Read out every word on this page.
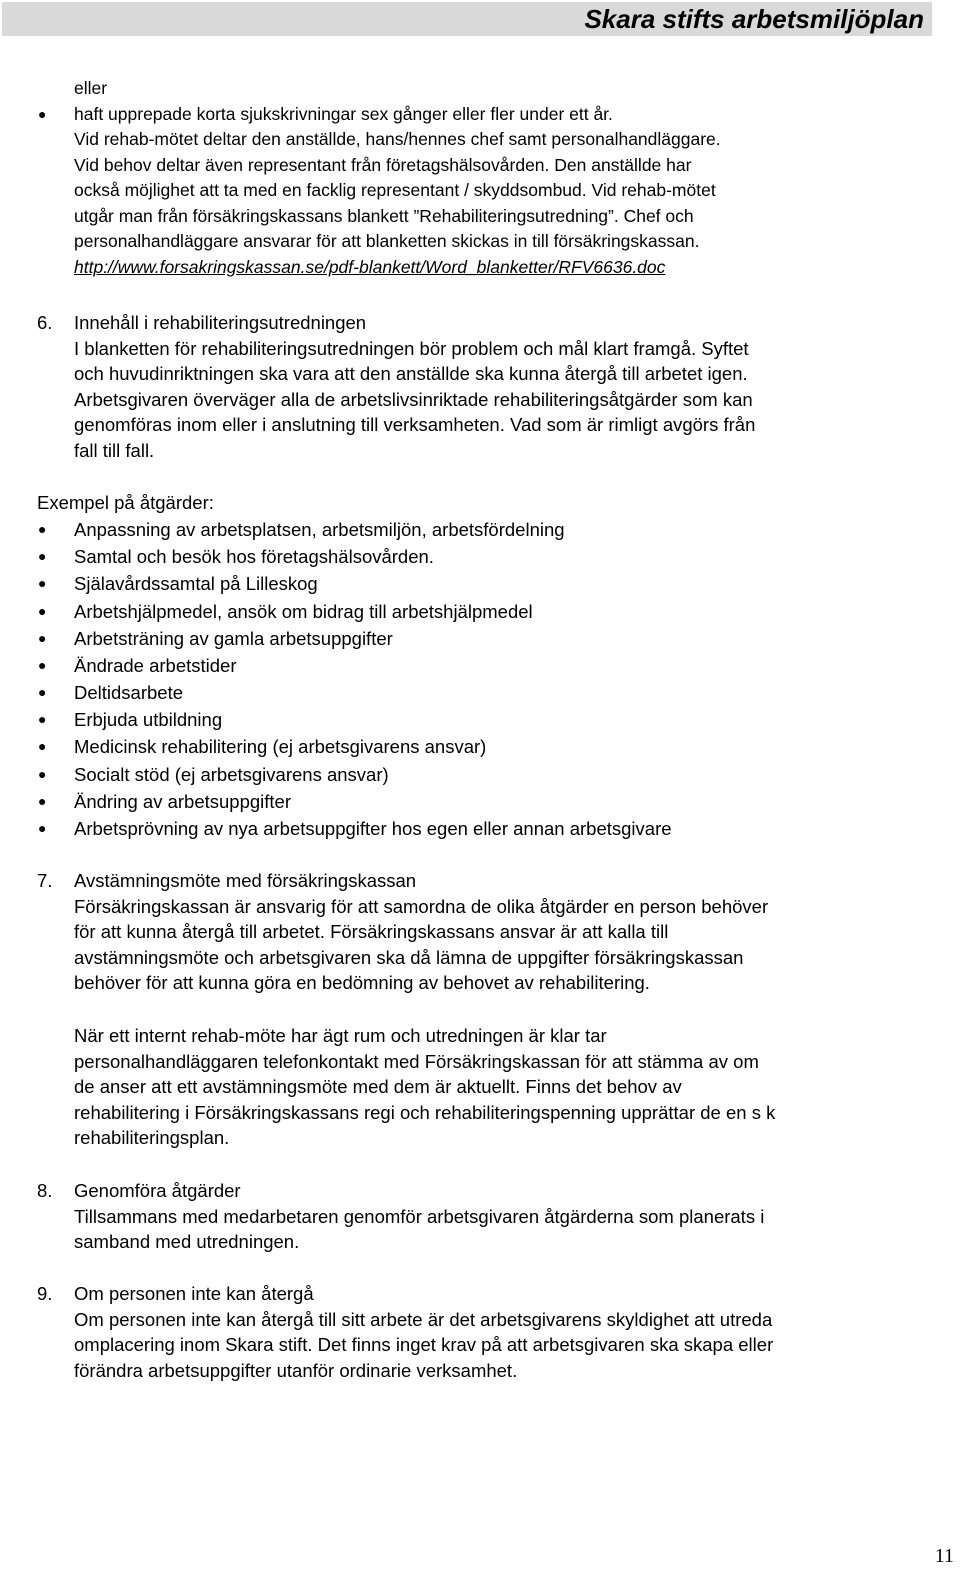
Skara stifts arbetsmiljöplan
eller
● haft upprepade korta sjukskrivningar sex gånger eller fler under ett år.
Vid rehab-mötet deltar den anställde, hans/hennes chef samt personalhandläggare.
Vid behov deltar även representant från företagshälsovården. Den anställde har
också möjlighet att ta med en facklig representant / skyddsombud. Vid rehab-mötet
utgår man från försäkringskassans blankett ”Rehabiliteringsutredning”. Chef och
personalhandläggare ansvarar för att blanketten skickas in till försäkringskassan.
http://www.forsakringskassan.se/pdf-blankett/Word_blanketter/RFV6636.doc
6. Innehåll i rehabiliteringsutredningen
I blanketten för rehabiliteringsutredningen bör problem och mål klart framgå. Syftet
och huvudinriktningen ska vara att den anställde ska kunna återgå till arbetet igen.
Arbetsgivaren överväger alla de arbetslivsinriktade rehabiliteringsåtgärder som kan
genomföras inom eller i anslutning till verksamheten. Vad som är rimligt avgörs från
fall till fall.
Exempel på åtgärder:
● Anpassning av arbetsplatsen, arbetsmiljön, arbetsfördelning
● Samtal och besök hos företagshälsovården.
● Själavårdssamtal på Lilleskog
● Arbetshjälpmedel, ansök om bidrag till arbetshjälpmedel
● Arbetsträning av gamla arbetsuppgifter
● Ändrade arbetstider
● Deltidsarbete
● Erbjuda utbildning
● Medicinsk rehabilitering (ej arbetsgivarens ansvar)
● Socialt stöd (ej arbetsgivarens ansvar)
● Ändring av arbetsuppgifter
● Arbetsprövning av nya arbetsuppgifter hos egen eller annan arbetsgivare
7. Avstämningsmöte med försäkringskassan
Försäkringskassan är ansvarig för att samordna de olika åtgärder en person behöver
för att kunna återgå till arbetet. Försäkringskassans ansvar är att kalla till
avstämningsmöte och arbetsgivaren ska då lämna de uppgifter försäkringskassan
behöver för att kunna göra en bedömning av behovet av rehabilitering.
När ett internt rehab-möte har ägt rum och utredningen är klar tar
personalhandläggaren telefonkontakt med Försäkringskassan för att stämma av om
de anser att ett avstämningsmöte med dem är aktuellt. Finns det behov av
rehabilitering i Försäkringskassans regi och rehabiliteringspenning upprättar de en s k
rehabiliteringsplan.
8. Genomföra åtgärder
Tillsammans med medarbetaren genomför arbetsgivaren åtgärderna som planerats i
samband med utredningen.
9. Om personen inte kan återgå
Om personen inte kan återgå till sitt arbete är det arbetsgivarens skyldighet att utreda
omplacering inom Skara stift. Det finns inget krav på att arbetsgivaren ska skapa eller
förändra arbetsuppgifter utanför ordinarie verksamhet.
11
